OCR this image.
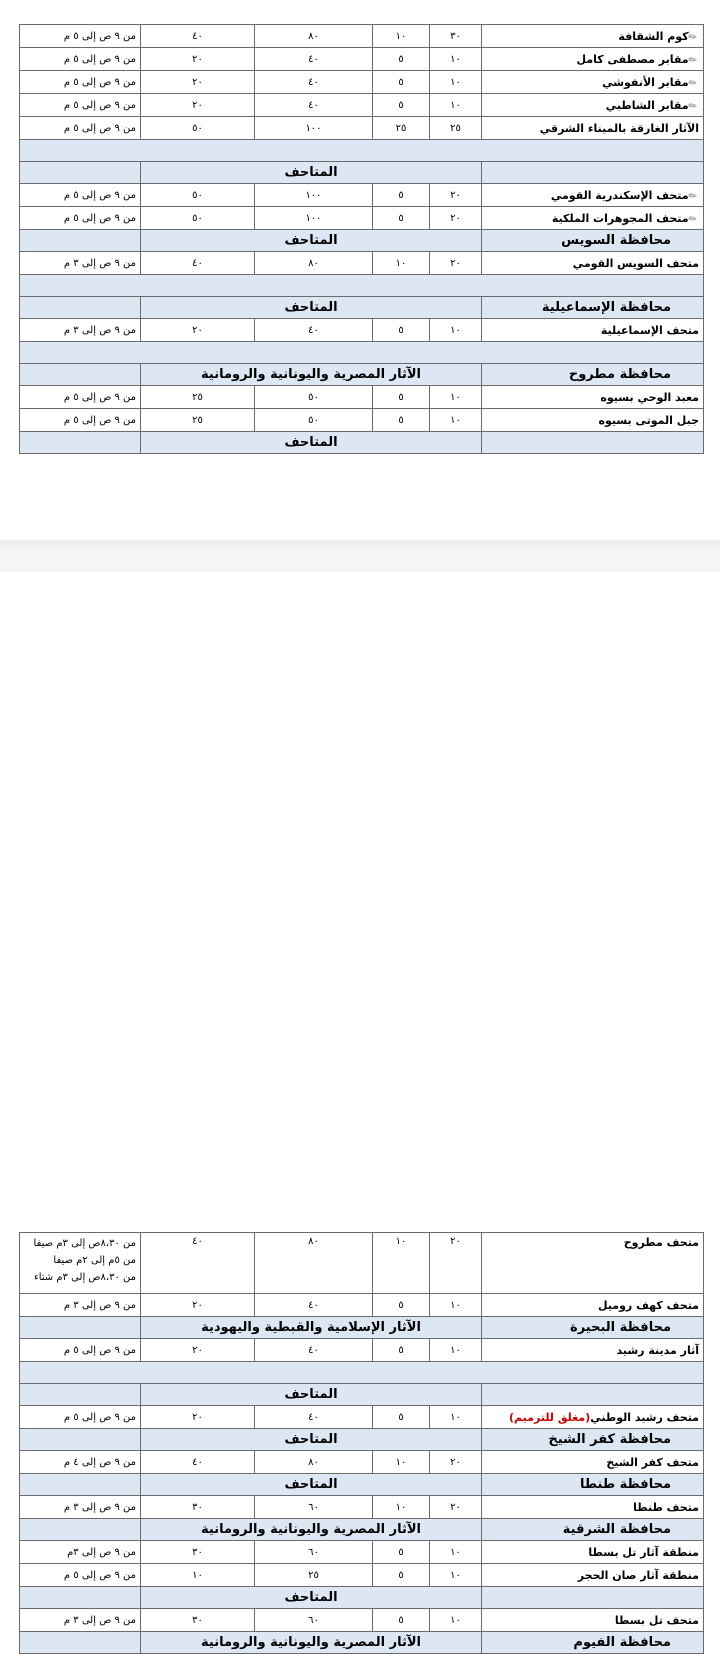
✎كوم الشقافة	٣٠	١٠	٨٠	٤٠	من ٩ ص إلى ٥ م
✎مقابر مصطفى كامل	١٠	٥	٤٠	٢٠	من ٩ ص إلى ٥ م
✎مقابر الأنفوشي	١٠	٥	٤٠	٢٠	من ٩ ص إلى ٥ م
✎مقابر الشاطبي	١٠	٥	٤٠	٢٠	من ٩ ص إلى ٥ م
الآثار الغارقة بالميناء الشرقي	٢٥	٢٥	١٠٠	٥٠	من ٩ ص إلى ٥ م

	المتاحف				
✎متحف الإسكندرية القومي	٢٠	٥	١٠٠	٥٠	من ٩ ص إلى ٥ م
✎متحف المجوهرات الملكية	٢٠	٥	١٠٠	٥٠	من ٩ ص إلى ٥ م
محافظة السويس	المتاحف				
متحف السويس القومي	٢٠	١٠	٨٠	٤٠	من ٩ ص إلى ٣ م

محافظة الإسماعيلية	المتاحف				
متحف الإسماعيلية	١٠	٥	٤٠	٢٠	من ٩ ص إلى ٣ م

محافظة مطروح	الآثار المصرية واليونانية والرومانية				
معبد الوحي بسيوه	١٠	٥	٥٠	٢٥	من ٩ ص إلى ٥ م
جبل الموتى بسيوه	١٠	٥	٥٠	٢٥	من ٩ ص إلى ٥ م
	المتاحف				
متحف مطروح	٢٠	١٠	٨٠	٤٠	من ٨،٣٠ص إلى ٣م صيفا
من ٥م إلى ٢م صيفا
من ٨،٣٠ص إلى ٣م شتاء

متحف كهف روميل	١٠	٥	٤٠	٢٠	من ٩ ص إلى ٣ م
محافظة البحيرة	الآثار الإسلامية والقبطية واليهودية				
آثار مدينة رشيد	١٠	٥	٤٠	٢٠	من ٩ ص إلى ٥ م

	المتاحف				
متحف رشيد الوطني(مغلق للترميم)	١٠	٥	٤٠	٢٠	من ٩ ص إلى ٥ م
محافظة كفر الشيخ	المتاحف				
متحف كفر الشيخ	٢٠	١٠	٨٠	٤٠	من ٩ ص إلى ٤ م
محافظة طنطا	المتاحف				
متحف طنطا	٢٠	١٠	٦٠	٣٠	من ٩ ص إلى ٣ م
محافظة الشرقية	الآثار المصرية واليونانية والرومانية				
منطقة آثار تل بسطا	١٠	٥	٦٠	٣٠	من ٩ ص إلى ٣م
منطقة آثار صان الحجر	١٠	٥	٢٥	١٠	من ٩ ص إلى ٥ م
	المتاحف				
متحف تل بسطا	١٠	٥	٦٠	٣٠	من ٩ ص إلى ٣ م
محافظة الفيوم	الآثار المصرية واليونانية والرومانية				
